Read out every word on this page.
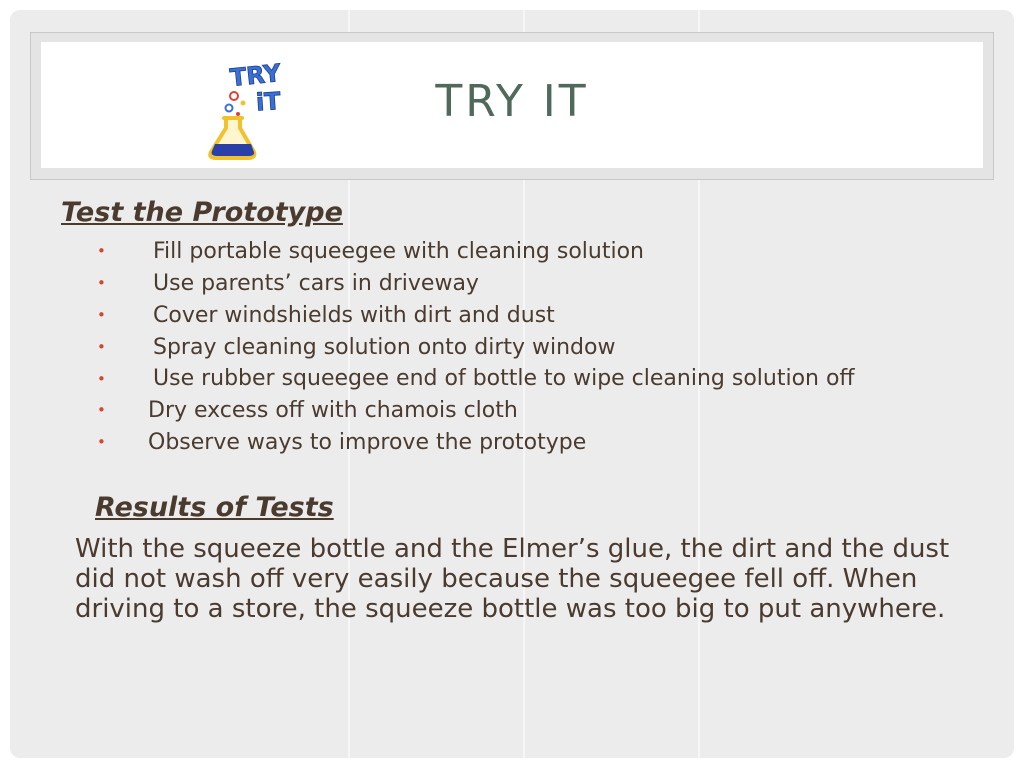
TRY
iT	TRY IT
Test the Prototype
•	Fill portable squeegee with cleaning solution
•	Use parents’ cars in driveway
•	Cover windshields with dirt and dust
•	Spray cleaning solution onto dirty window
•	Use rubber squeegee end of bottle to wipe cleaning solution off
•	Dry excess off with chamois cloth
•	Observe ways to improve the prototype
Results of Tests
With the squeeze bottle and the Elmer’s glue, the dirt and the dust did not wash off very easily because the squeegee fell off. When driving to a store, the squeeze bottle was too big to put anywhere.
